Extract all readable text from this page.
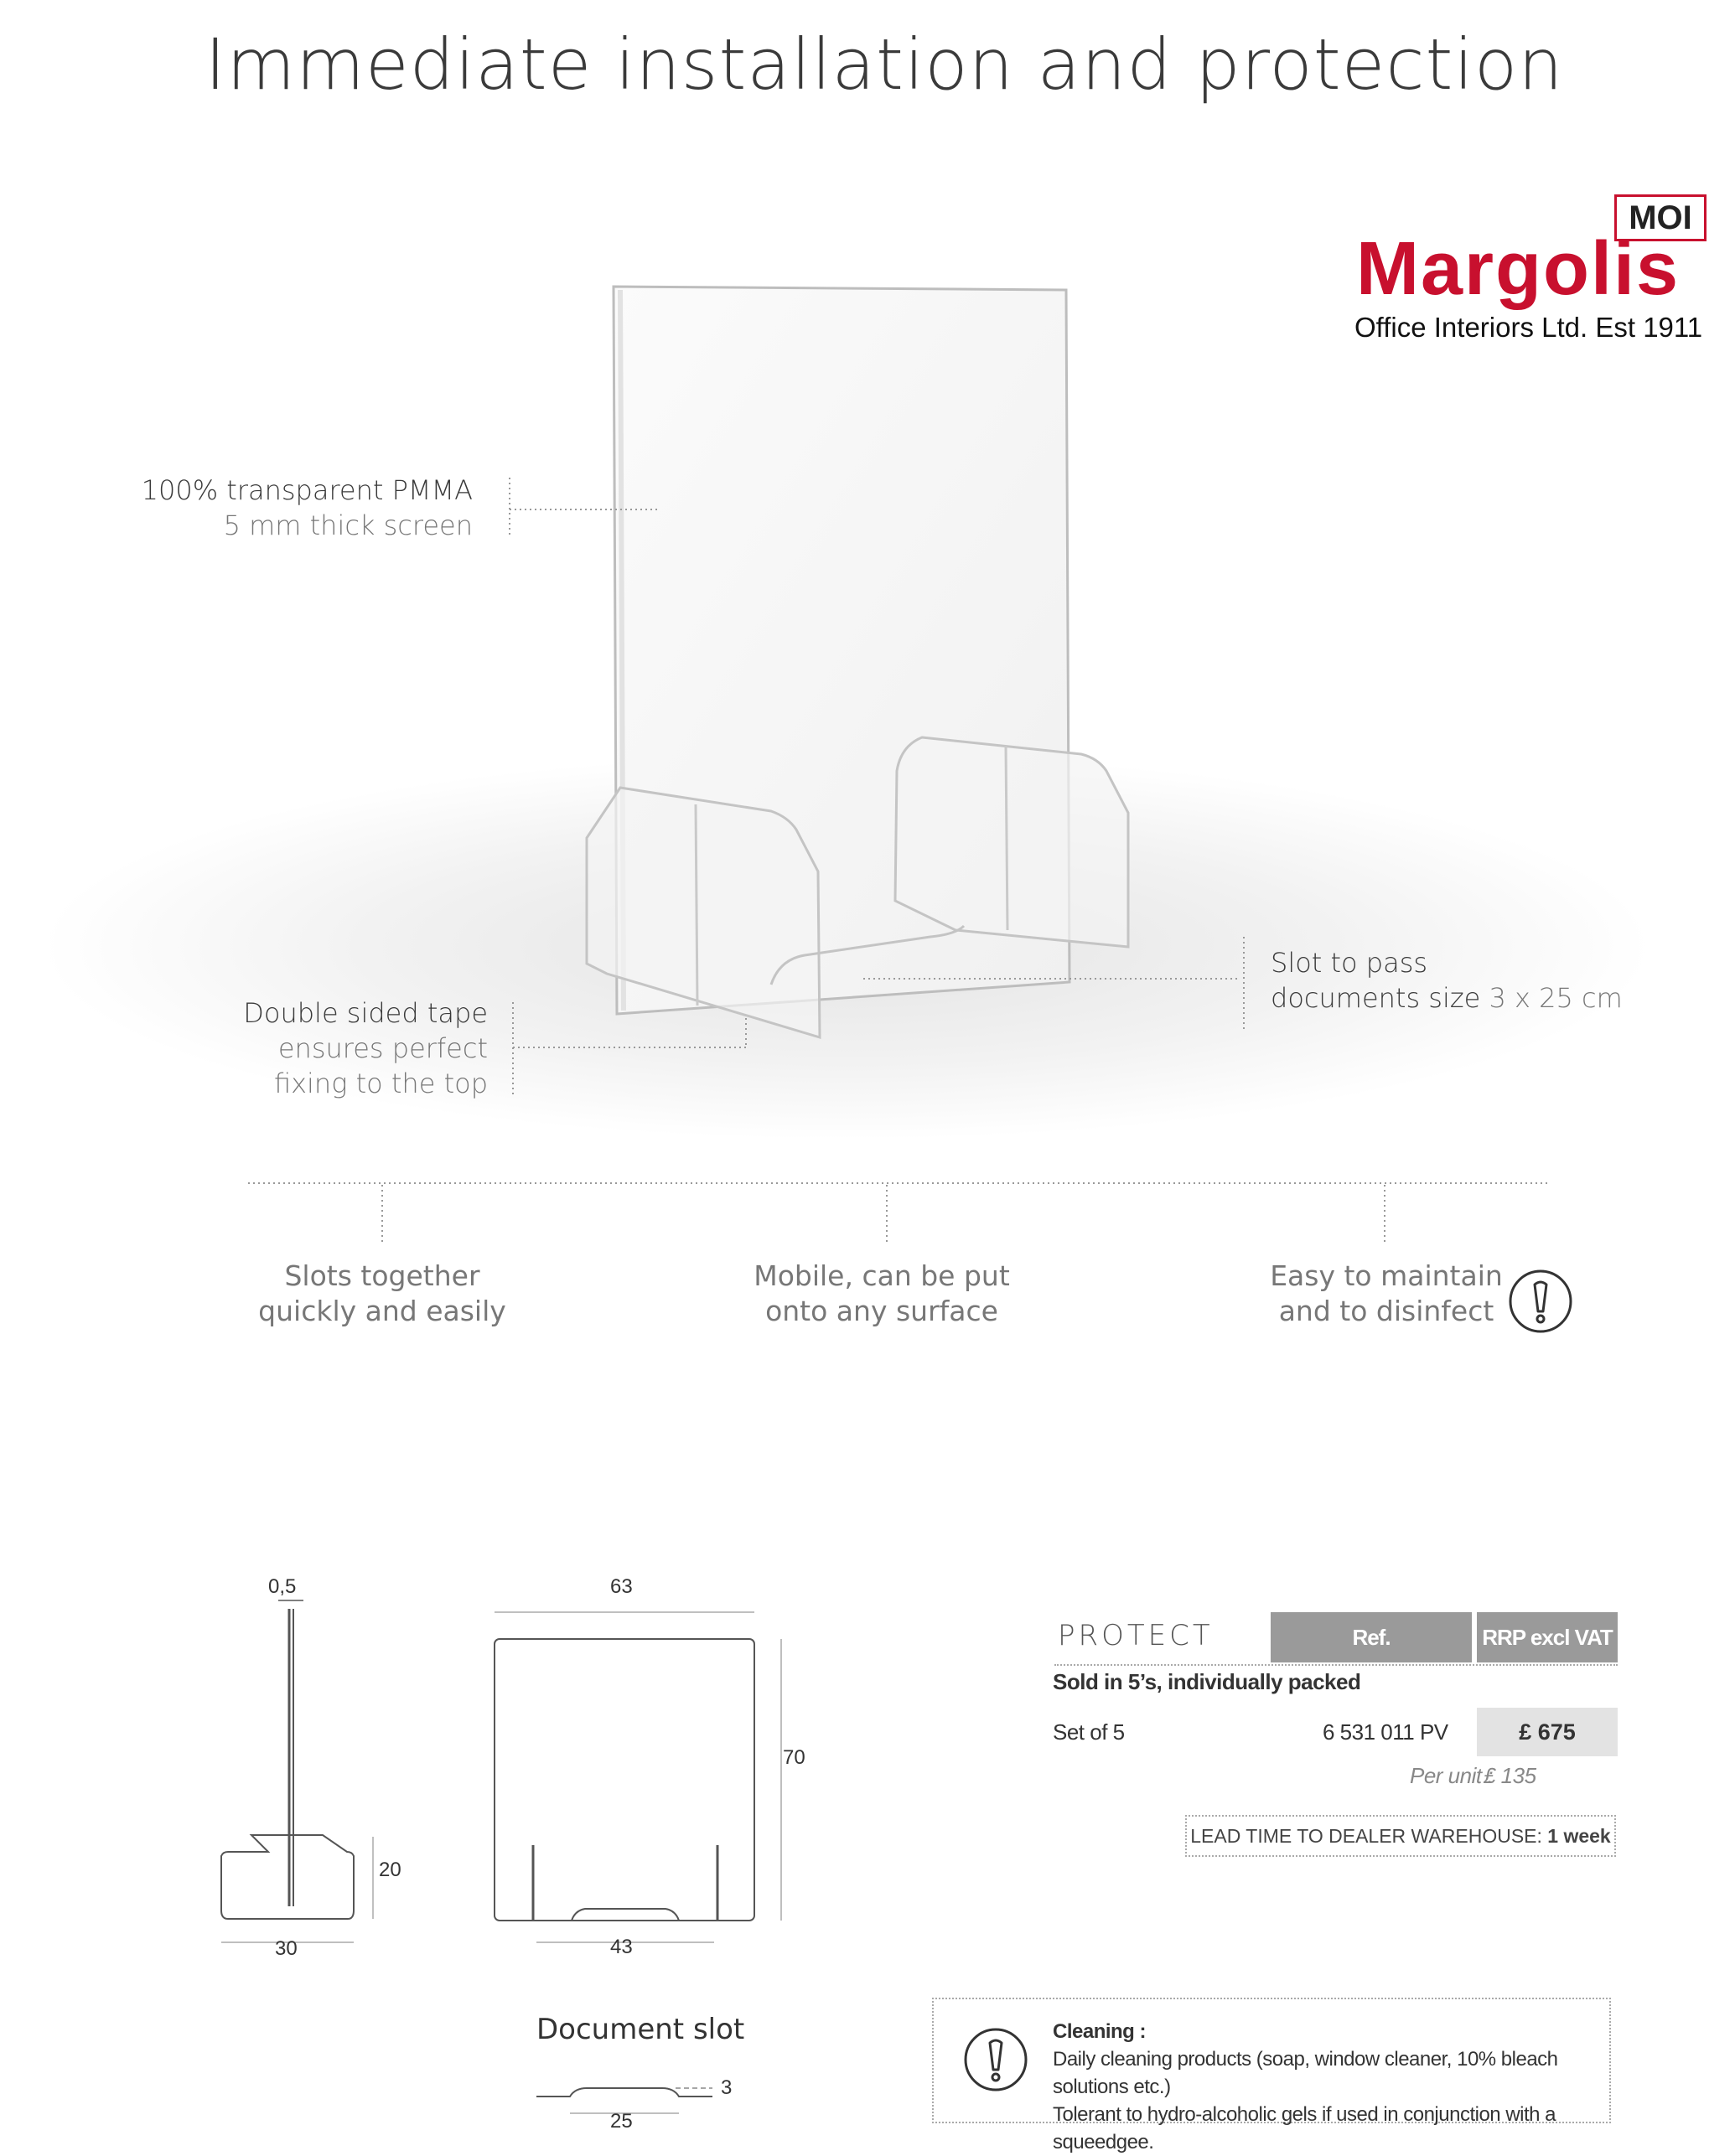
Immediate installation and protection
MOI
Margolis
Office Interiors Ltd. Est 1911
100% transparent PMMA
5 mm thick screen
Double sided tape
ensures perfect
fixing to the top
Slot to pass
documents size 3 x 25 cm
Slots together
quickly and easily
Mobile, can be put
onto any surface
Easy to maintain
and to disinfect
0,5
20
30
63
70
43
Document slot
3
25
PROTECT	Ref.	RRP excl VAT
Sold in 5’s, individually packed
Set of 5	6 531 011 PV	£ 675
Per unit :
£ 135
LEAD TIME TO DEALER WAREHOUSE:
1 week
Cleaning :
Daily cleaning products (soap, window cleaner, 10% bleach solutions etc.)
Tolerant to hydro-alcoholic gels if used in conjunction with a squeedgee.
